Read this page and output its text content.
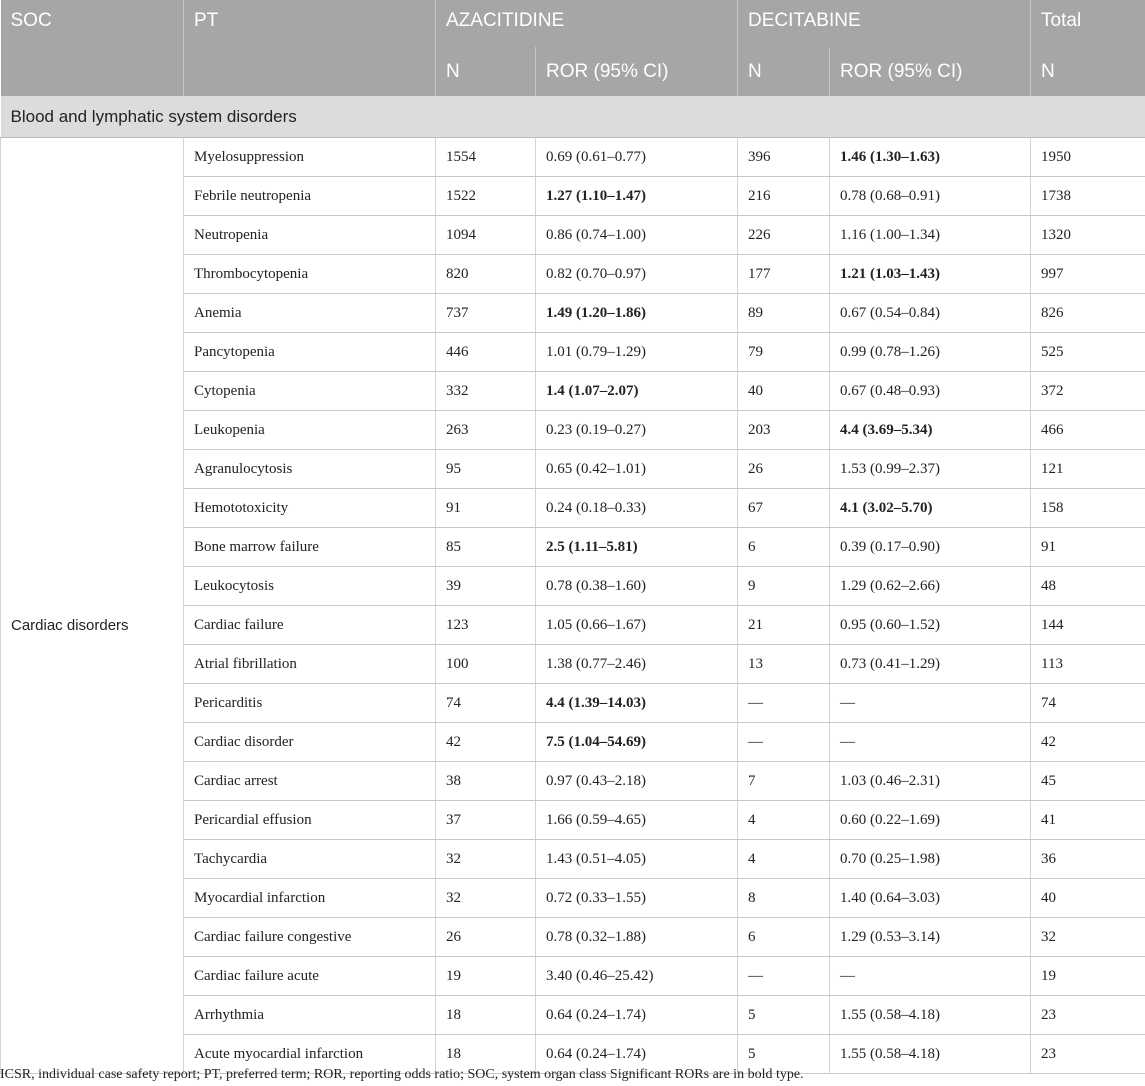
SOC	PT	AZACITIDINE		DECITABINE		Total
		N	ROR (95% CI)	N	ROR (95% CI)	N
Blood and lymphatic system disorders						
	Myelosuppression	1554	0.69 (0.61–0.77)	396	1.46 (1.30–1.63)	1950
	Febrile neutropenia	1522	1.27 (1.10–1.47)	216	0.78 (0.68–0.91)	1738
	Neutropenia	1094	0.86 (0.74–1.00)	226	1.16 (1.00–1.34)	1320
	Thrombocytopenia	820	0.82 (0.70–0.97)	177	1.21 (1.03–1.43)	997
	Anemia	737	1.49 (1.20–1.86)	89	0.67 (0.54–0.84)	826
	Pancytopenia	446	1.01 (0.79–1.29)	79	0.99 (0.78–1.26)	525
	Cytopenia	332	1.4 (1.07–2.07)	40	0.67 (0.48–0.93)	372
	Leukopenia	263	0.23 (0.19–0.27)	203	4.4 (3.69–5.34)	466
	Agranulocytosis	95	0.65 (0.42–1.01)	26	1.53 (0.99–2.37)	121
	Hemototoxicity	91	0.24 (0.18–0.33)	67	4.1 (3.02–5.70)	158
	Bone marrow failure	85	2.5 (1.11–5.81)	6	0.39 (0.17–0.90)	91
	Leukocytosis	39	0.78 (0.38–1.60)	9	1.29 (0.62–2.66)	48
Cardiac disorders	Cardiac failure	123	1.05 (0.66–1.67)	21	0.95 (0.60–1.52)	144
	Atrial fibrillation	100	1.38 (0.77–2.46)	13	0.73 (0.41–1.29)	113
	Pericarditis	74	4.4 (1.39–14.03)	—	—	74
	Cardiac disorder	42	7.5 (1.04–54.69)	—	—	42
	Cardiac arrest	38	0.97 (0.43–2.18)	7	1.03 (0.46–2.31)	45
	Pericardial effusion	37	1.66 (0.59–4.65)	4	0.60 (0.22–1.69)	41
	Tachycardia	32	1.43 (0.51–4.05)	4	0.70 (0.25–1.98)	36
	Myocardial infarction	32	0.72 (0.33–1.55)	8	1.40 (0.64–3.03)	40
	Cardiac failure congestive	26	0.78 (0.32–1.88)	6	1.29 (0.53–3.14)	32
	Cardiac failure acute	19	3.40 (0.46–25.42)	—	—	19
	Arrhythmia	18	0.64 (0.24–1.74)	5	1.55 (0.58–4.18)	23
	Acute myocardial infarction	18	0.64 (0.24–1.74)	5	1.55 (0.58–4.18)	23
ICSR, individual case safety report; PT, preferred term; ROR, reporting odds ratio; SOC, system organ class Significant RORs are in bold type.
